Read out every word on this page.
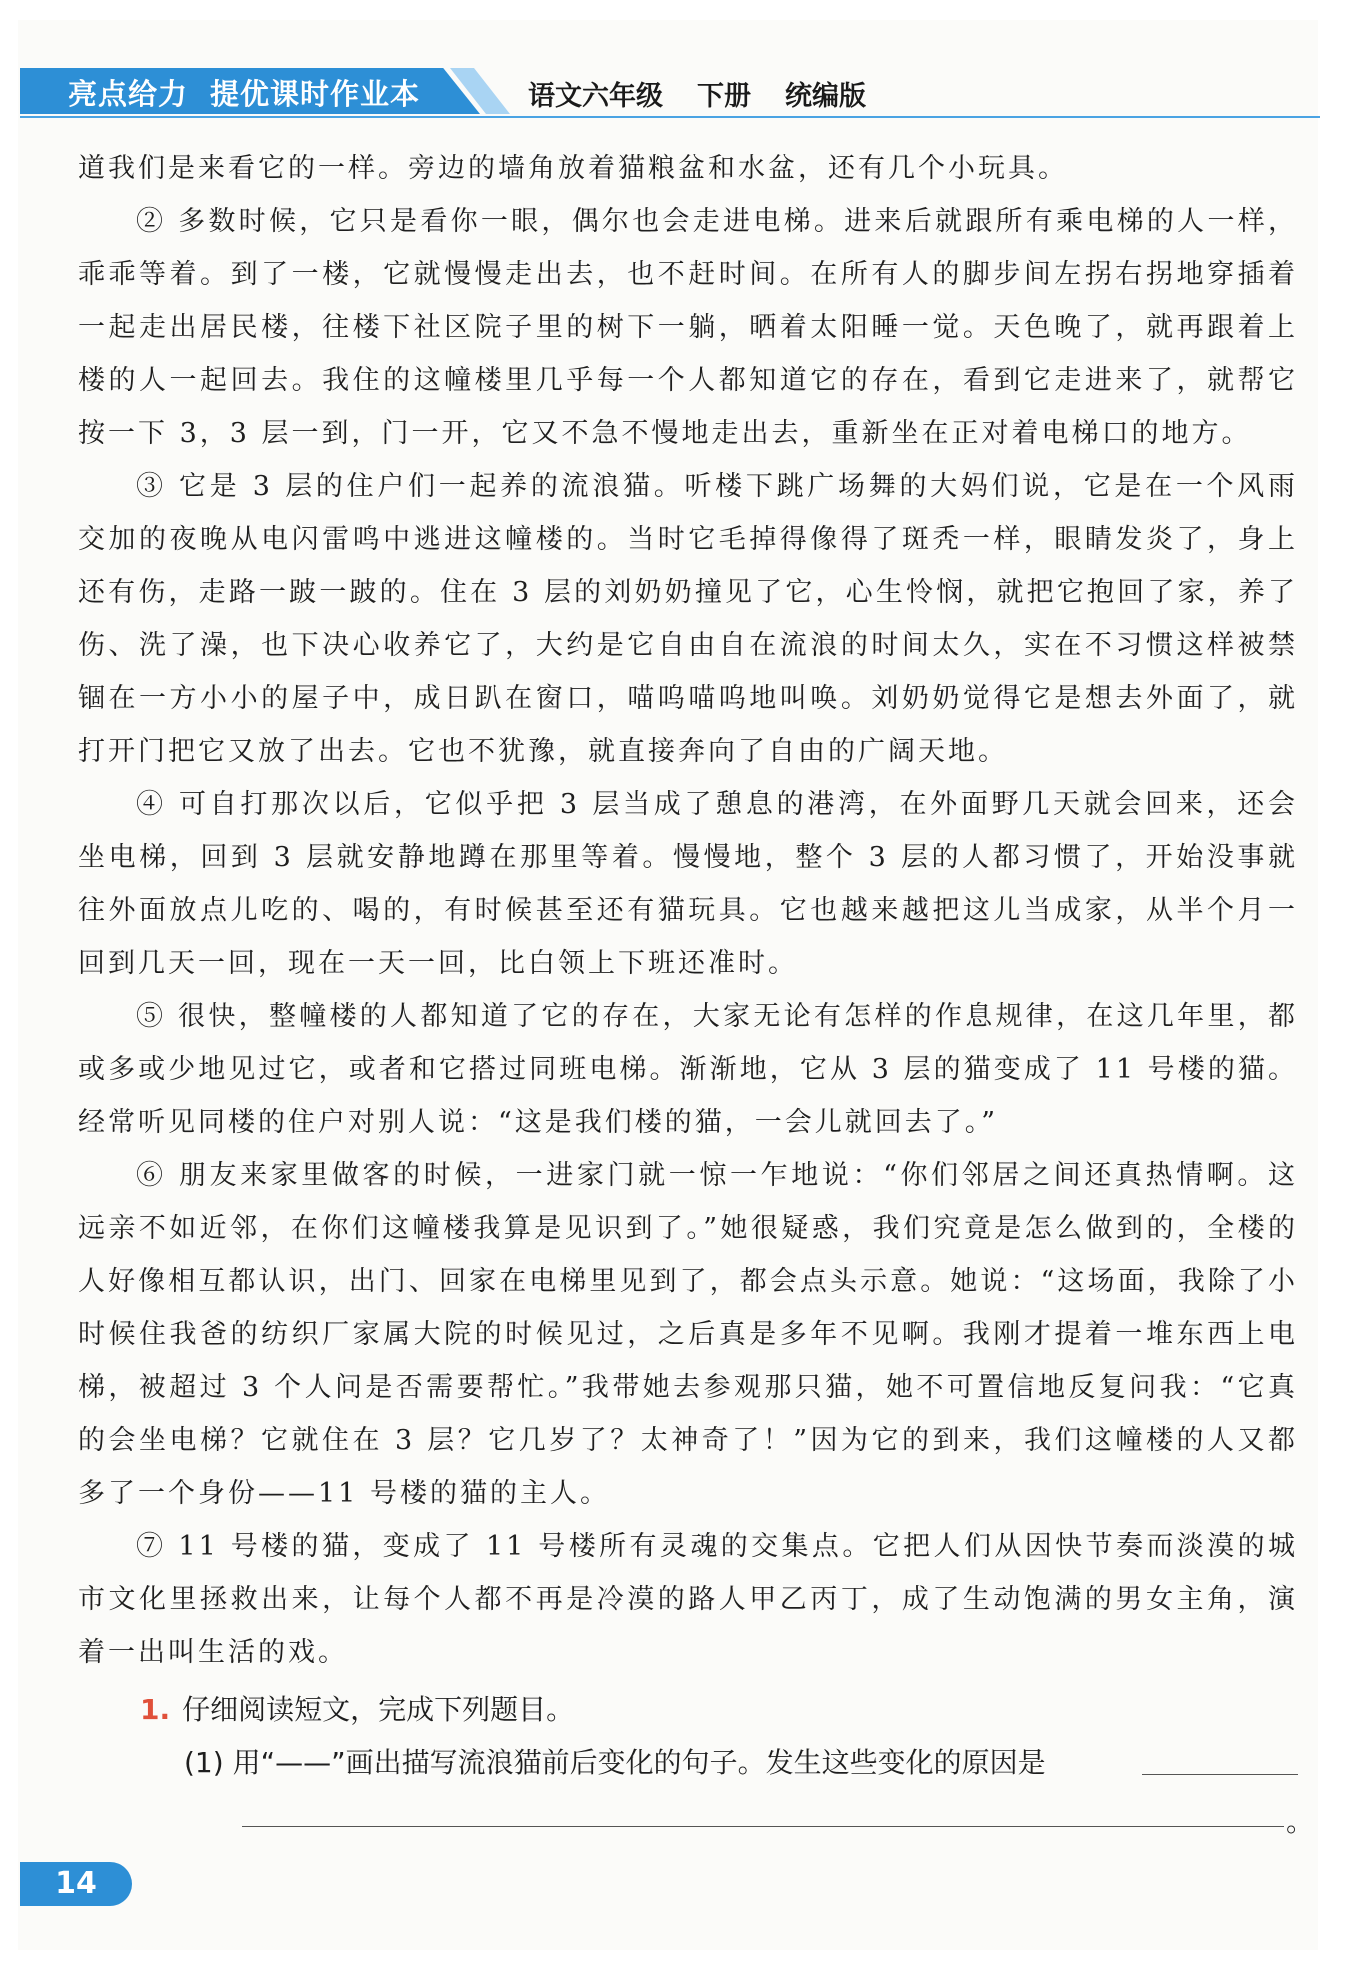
亮点给力 提优课时作业本	语文六年级 下册 统编版

道我们是来看它的一样。旁边的墙角放着猫粮盆和水盆，还有几个小玩具。

② 多数时候，它只是看你一眼，偶尔也会走进电梯。进来后就跟所有乘电梯的人一样，乖乖等着。到了一楼，它就慢慢走出去，也不赶时间。在所有人的脚步间左拐右拐地穿插着一起走出居民楼，往楼下社区院子里的树下一躺，晒着太阳睡一觉。天色晚了，就再跟着上楼的人一起回去。我住的这幢楼里几乎每一个人都知道它的存在，看到它走进来了，就帮它按一下 3，3 层一到，门一开，它又不急不慢地走出去，重新坐在正对着电梯口的地方。

③ 它是 3 层的住户们一起养的流浪猫。听楼下跳广场舞的大妈们说，它是在一个风雨交加的夜晚从电闪雷鸣中逃进这幢楼的。当时它毛掉得像得了斑秃一样，眼睛发炎了，身上还有伤，走路一跛一跛的。住在 3 层的刘奶奶撞见了它，心生怜悯，就把它抱回了家，养了伤、洗了澡，也下决心收养它了，大约是它自由自在流浪的时间太久，实在不习惯这样被禁锢在一方小小的屋子中，成日趴在窗口，喵呜喵呜地叫唤。刘奶奶觉得它是想去外面了，就打开门把它又放了出去。它也不犹豫，就直接奔向了自由的广阔天地。

④ 可自打那次以后，它似乎把 3 层当成了憩息的港湾，在外面野几天就会回来，还会坐电梯，回到 3 层就安静地蹲在那里等着。慢慢地，整个 3 层的人都习惯了，开始没事就往外面放点儿吃的、喝的，有时候甚至还有猫玩具。它也越来越把这儿当成家，从半个月一回到几天一回，现在一天一回，比白领上下班还准时。

⑤ 很快，整幢楼的人都知道了它的存在，大家无论有怎样的作息规律，在这几年里，都或多或少地见过它，或者和它搭过同班电梯。渐渐地，它从 3 层的猫变成了 11 号楼的猫。经常听见同楼的住户对别人说：“这是我们楼的猫，一会儿就回去了。”

⑥ 朋友来家里做客的时候，一进家门就一惊一乍地说：“你们邻居之间还真热情啊。这远亲不如近邻，在你们这幢楼我算是见识到了。”她很疑惑，我们究竟是怎么做到的，全楼的人好像相互都认识，出门、回家在电梯里见到了，都会点头示意。她说：“这场面，我除了小时候住我爸的纺织厂家属大院的时候见过，之后真是多年不见啊。我刚才提着一堆东西上电梯，被超过 3 个人问是否需要帮忙。”我带她去参观那只猫，她不可置信地反复问我：“它真的会坐电梯？它就住在 3 层？它几岁了？太神奇了！”因为它的到来，我们这幢楼的人又都多了一个身份——11 号楼的猫的主人。

⑦ 11 号楼的猫，变成了 11 号楼所有灵魂的交集点。它把人们从因快节奏而淡漠的城市文化里拯救出来，让每个人都不再是冷漠的路人甲乙丙丁，成了生动饱满的男女主角，演着一出叫生活的戏。

1. 仔细阅读短文，完成下列题目。
(1) 用“——”画出描写流浪猫前后变化的句子。发生这些变化的原因是
。
14
